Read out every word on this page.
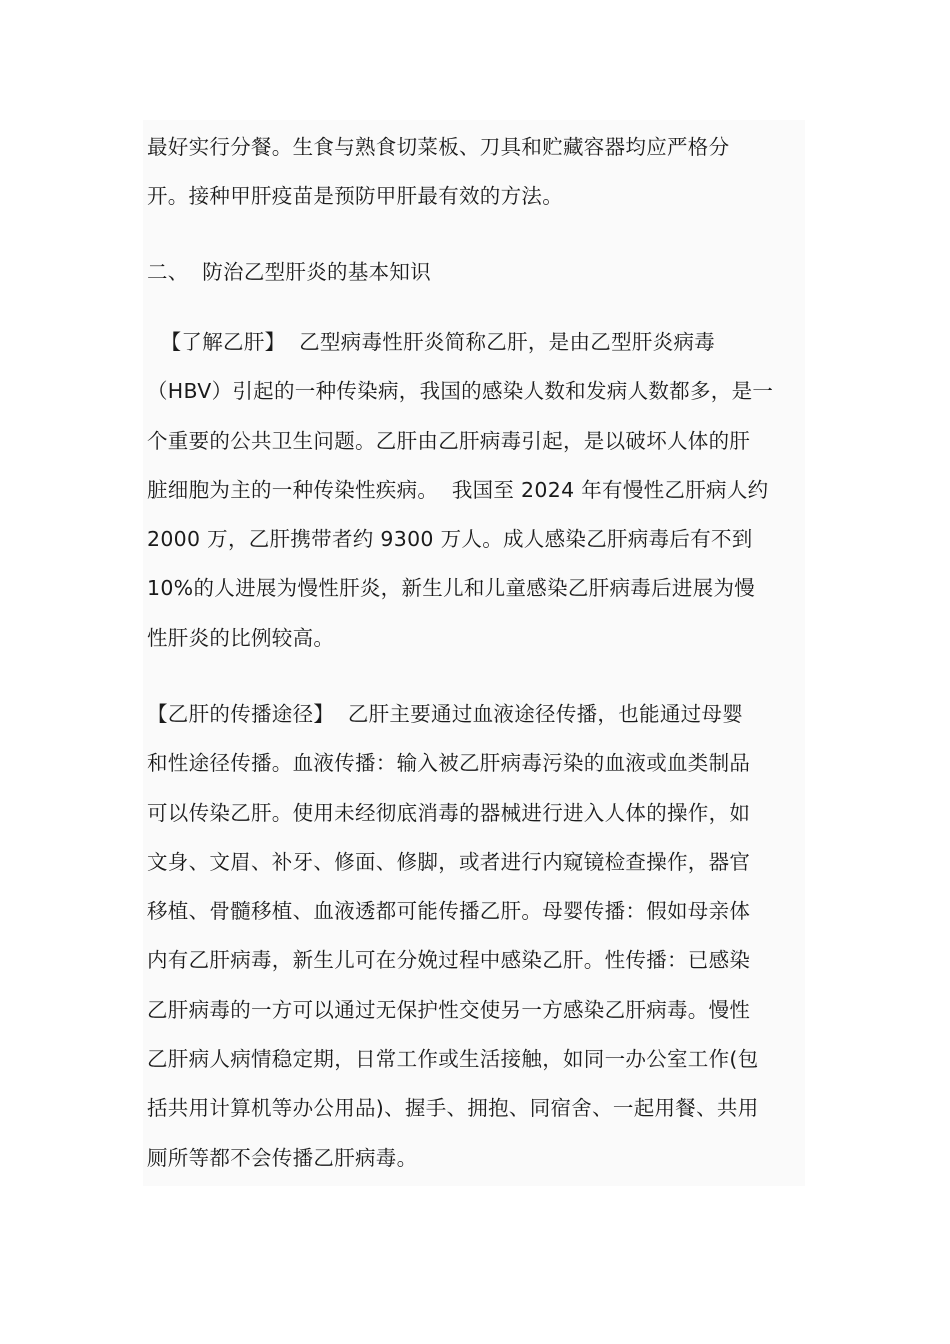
最好实行分餐。生食与熟食切菜板、刀具和贮藏容器均应严格分
开。接种甲肝疫苗是预防甲肝最有效的方法。
二、  防治乙型肝炎的基本知识
【了解乙肝】  乙型病毒性肝炎简称乙肝，是由乙型肝炎病毒
（HBV）引起的一种传染病，我国的感染人数和发病人数都多，是一
个重要的公共卫生问题。乙肝由乙肝病毒引起，是以破坏人体的肝
脏细胞为主的一种传染性疾病。  我国至 2024 年有慢性乙肝病人约
2000 万，乙肝携带者约 9300 万人。成人感染乙肝病毒后有不到
10%的人进展为慢性肝炎，新生儿和儿童感染乙肝病毒后进展为慢
性肝炎的比例较高。
【乙肝的传播途径】  乙肝主要通过血液途径传播，也能通过母婴
和性途径传播。血液传播：输入被乙肝病毒污染的血液或血类制品
可以传染乙肝。使用未经彻底消毒的器械进行进入人体的操作，如
文身、文眉、补牙、修面、修脚，或者进行内窥镜检查操作，器官
移植、骨髓移植、血液透都可能传播乙肝。母婴传播：假如母亲体
内有乙肝病毒，新生儿可在分娩过程中感染乙肝。性传播：已感染
乙肝病毒的一方可以通过无保护性交使另一方感染乙肝病毒。慢性
乙肝病人病情稳定期，日常工作或生活接触，如同一办公室工作(包
括共用计算机等办公用品)、握手、拥抱、同宿舍、一起用餐、共用
厕所等都不会传播乙肝病毒。
